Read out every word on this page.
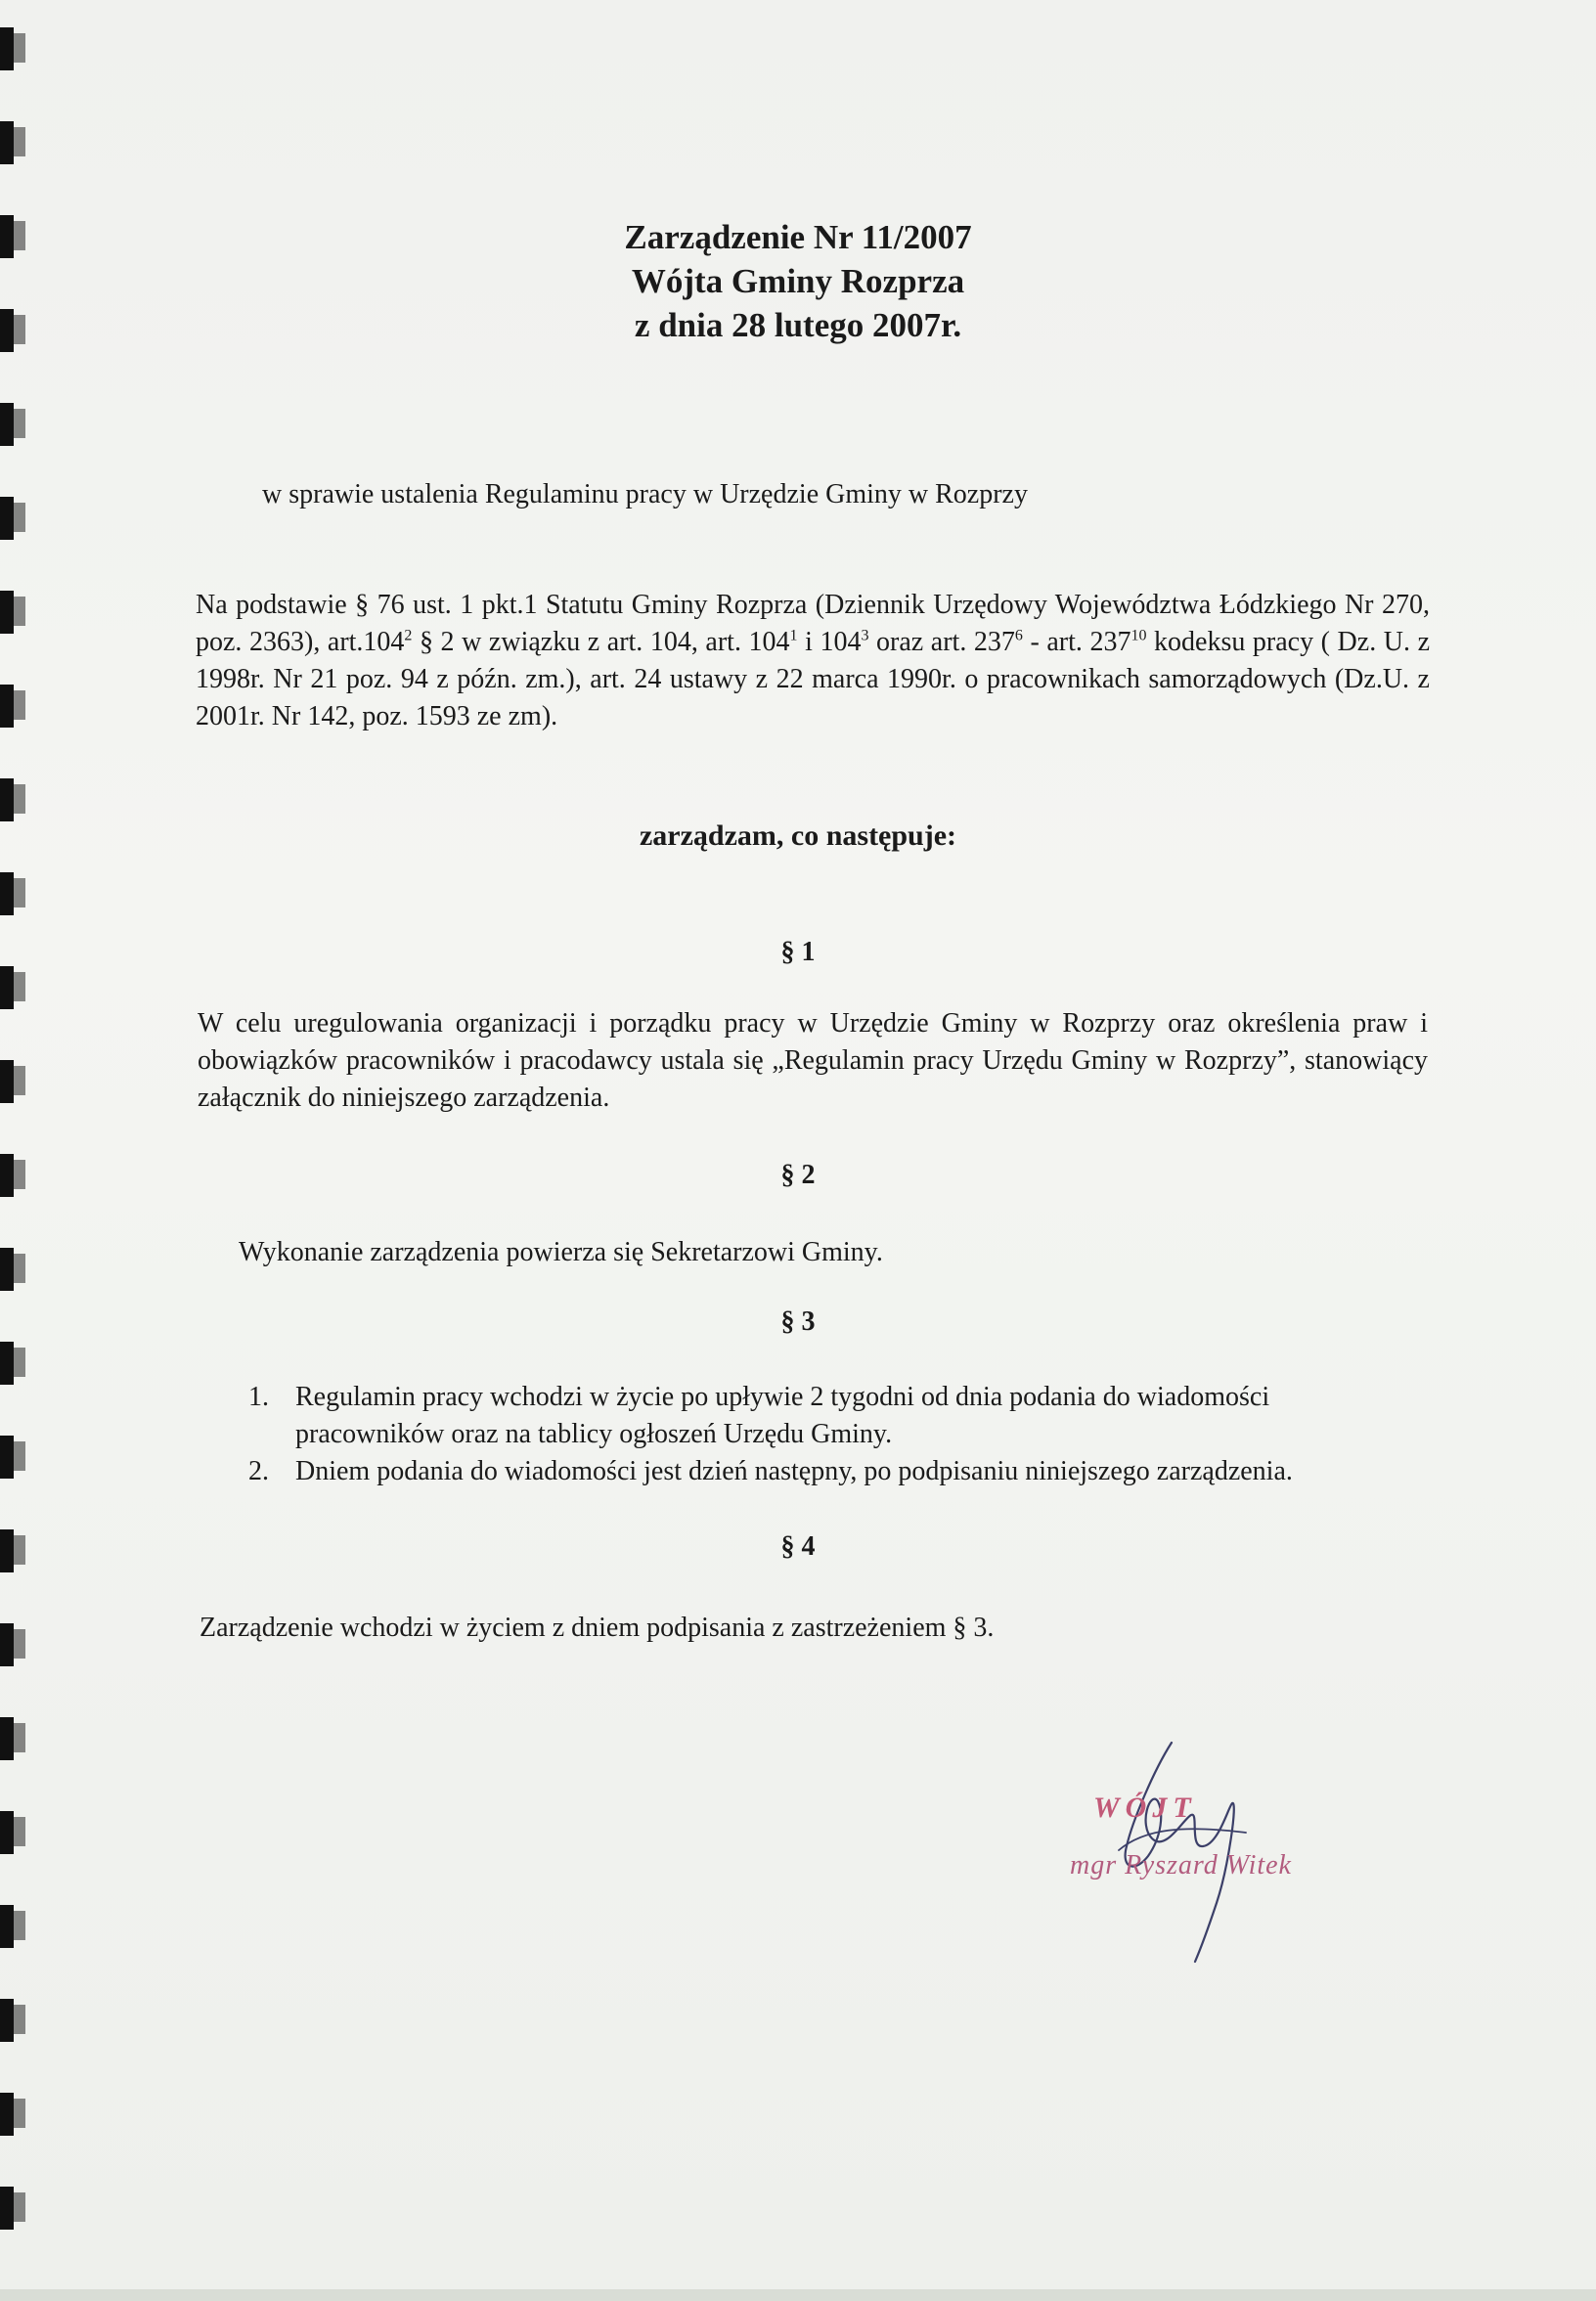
Zarządzenie Nr 11/2007
Wójta Gminy Rozprza
z dnia 28 lutego 2007r.
w sprawie ustalenia Regulaminu pracy w Urzędzie Gminy w Rozprzy
Na podstawie § 76 ust. 1 pkt.1 Statutu Gminy Rozprza (Dziennik Urzędowy Województwa Łódzkiego Nr 270, poz. 2363), art.104$^2$ § 2 w związku z art. 104, art. $104^1$ i $104^3$ oraz art. $237^6$ - art. $237^{10}$ kodeksu pracy ( Dz. U. z 1998r. Nr 21 poz. 94 z późn. zm.), art. 24 ustawy z 22 marca 1990r. o pracownikach samorządowych (Dz.U. z 2001r. Nr 142, poz. 1593 ze zm).
zarządzam, co następuje:
§ 1
W celu uregulowania organizacji i porządku pracy w Urzędzie Gminy w Rozprzy oraz określenia praw i obowiązków pracowników i pracodawcy ustala się „Regulamin pracy Urzędu Gminy w Rozprzy”, stanowiący załącznik do niniejszego zarządzenia.
§ 2
Wykonanie zarządzenia powierza się Sekretarzowi Gminy.
§ 3
1. Regulamin pracy wchodzi w życie po upływie 2 tygodni od dnia podania do wiadomości pracowników oraz na tablicy ogłoszeń Urzędu Gminy.
2. Dniem podania do wiadomości jest dzień następny, po podpisaniu niniejszego zarządzenia.
§ 4
Zarządzenie wchodzi w życiem z dniem podpisania z zastrzeżeniem § 3.
WÓJT
mgr Ryszard Witek
